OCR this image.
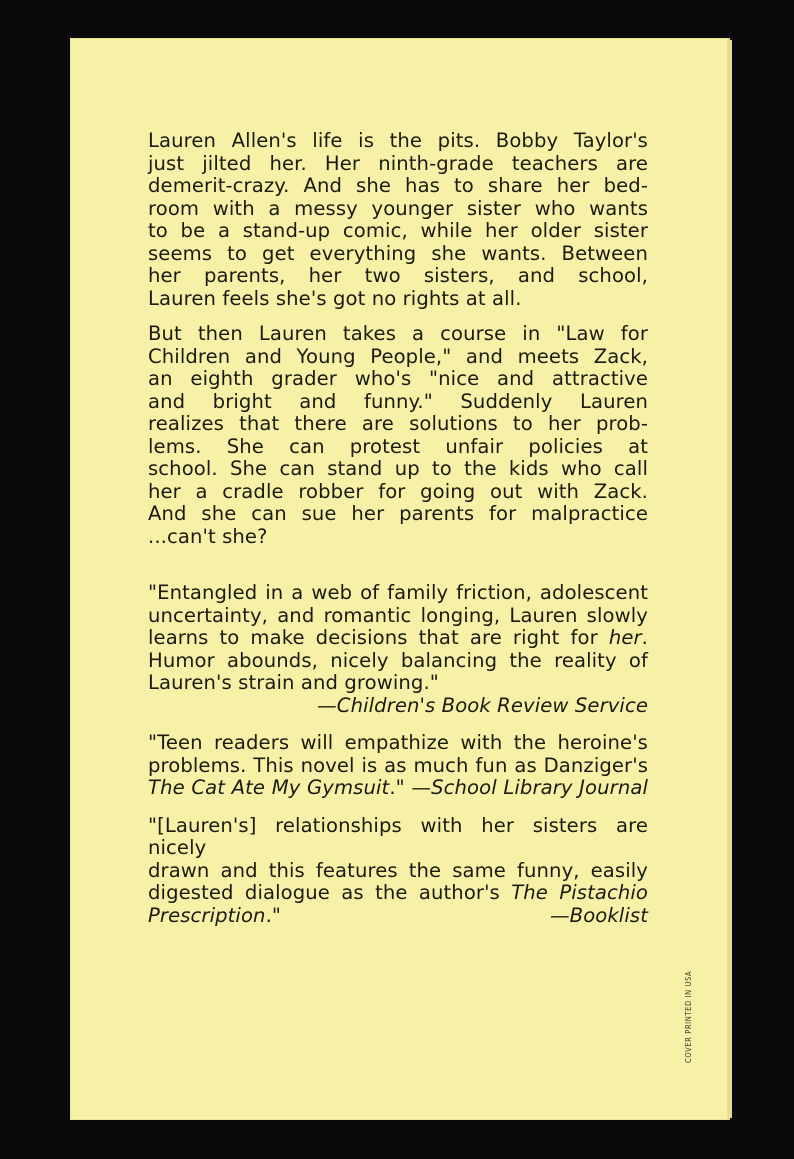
Lauren Allen's life is the pits. Bobby Taylor's

just jilted her. Her ninth-grade teachers are

demerit-crazy. And she has to share her bed-

room with a messy younger sister who wants

to be a stand-up comic, while her older sister

seems to get everything she wants. Between

her parents, her two sisters, and school,

Lauren feels she's got no rights at all.

But then Lauren takes a course in "Law for

Children and Young People," and meets Zack,

an eighth grader who's "nice and attractive

and bright and funny." Suddenly Lauren

realizes that there are solutions to her prob-

lems. She can protest unfair policies at

school. She can stand up to the kids who call

her a cradle robber for going out with Zack.

And she can sue her parents for malpractice

...can't she?

"Entangled in a web of family friction, adolescent

uncertainty, and romantic longing, Lauren slowly

learns to make decisions that are right for her.

Humor abounds, nicely balancing the reality of

Lauren's strain and growing."

—Children's Book Review Service

"Teen readers will empathize with the heroine's

problems. This novel is as much fun as Danziger's

The Cat Ate My Gymsuit." —School Library Journal

"[Lauren's] relationships with her sisters are nicely

drawn and this features the same funny, easily

digested dialogue as the author's The Pistachio

Prescription."	—Booklist

COVER PRINTED IN USA
